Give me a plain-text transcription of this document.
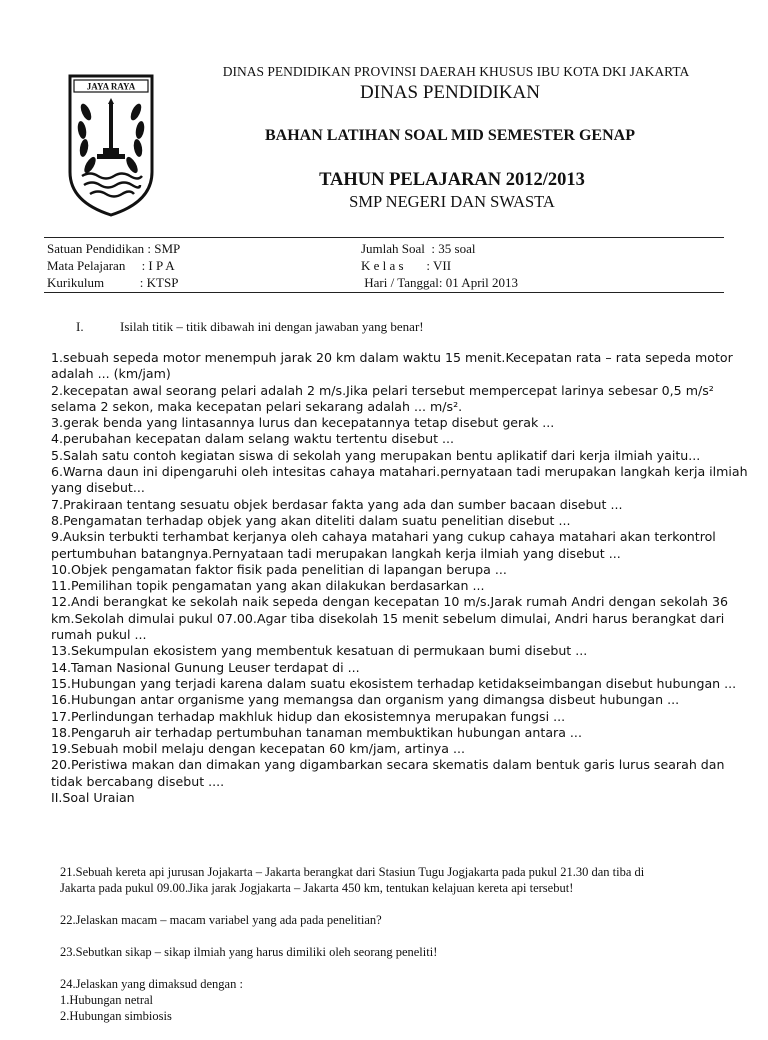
JAYA RAYA
DINAS PENDIDIKAN PROVINSI DAERAH KHUSUS IBU KOTA DKI JAKARTA
DINAS PENDIDIKAN
BAHAN LATIHAN SOAL MID SEMESTER GENAP
TAHUN PELAJARAN 2012/2013
SMP NEGERI DAN SWASTA
Satuan Pendidikan : SMP
Mata Pelajaran     : I P A
Kurikulum           : KTSP
Jumlah Soal  : 35 soal
K e l a s       : VII
Hari / Tanggal: 01 April 2013
I.	Isilah titik – titik dibawah ini dengan jawaban yang benar!
1.sebuah sepeda motor menempuh jarak 20 km dalam waktu 15 menit.Kecepatan rata – rata sepeda motor adalah ... (km/jam)
2.kecepatan awal seorang pelari adalah 2 m/s.Jika pelari tersebut mempercepat larinya sebesar 0,5 m/s² selama 2 sekon, maka kecepatan pelari sekarang adalah ... m/s².
3.gerak benda yang lintasannya lurus dan kecepatannya tetap disebut gerak ...
4.perubahan kecepatan dalam selang waktu tertentu disebut ...
5.Salah satu contoh kegiatan siswa di sekolah yang merupakan bentu aplikatif dari kerja ilmiah yaitu...
6.Warna daun ini dipengaruhi oleh intesitas cahaya matahari.pernyataan tadi merupakan langkah kerja ilmiah yang disebut...
7.Prakiraan tentang sesuatu objek berdasar fakta yang ada dan sumber bacaan disebut ...
8.Pengamatan terhadap objek yang akan diteliti dalam suatu penelitian disebut ...
9.Auksin terbukti terhambat kerjanya oleh cahaya matahari yang cukup cahaya matahari akan terkontrol pertumbuhan batangnya.Pernyataan tadi merupakan langkah kerja ilmiah yang disebut ...
10.Objek pengamatan faktor fisik pada penelitian di lapangan berupa ...
11.Pemilihan topik pengamatan yang akan dilakukan berdasarkan ...
12.Andi berangkat ke sekolah naik sepeda dengan kecepatan 10 m/s.Jarak rumah Andri dengan sekolah 36 km.Sekolah dimulai pukul 07.00.Agar tiba disekolah 15 menit sebelum dimulai, Andri harus berangkat dari rumah pukul ...
13.Sekumpulan ekosistem yang membentuk kesatuan di permukaan bumi disebut ...
14.Taman Nasional Gunung Leuser terdapat di ...
15.Hubungan yang terjadi karena dalam suatu ekosistem terhadap ketidakseimbangan disebut hubungan ...
16.Hubungan antar organisme yang memangsa dan organism yang dimangsa disbeut hubungan ...
17.Perlindungan terhadap makhluk hidup dan ekosistemnya merupakan fungsi ...
18.Pengaruh air terhadap pertumbuhan tanaman membuktikan hubungan antara ...
19.Sebuah mobil melaju dengan kecepatan 60 km/jam, artinya ...
20.Peristiwa makan dan dimakan yang digambarkan secara skematis dalam bentuk garis lurus searah dan tidak bercabang disebut ....
II.Soal Uraian

21.Sebuah kereta api jurusan Jojakarta – Jakarta berangkat dari Stasiun Tugu Jogjakarta pada pukul 21.30 dan tiba di

Jakarta pada pukul 09.00.Jika jarak Jogjakarta – Jakarta 450 km, tentukan kelajuan kereta api tersebut!

22.Jelaskan macam – macam variabel yang ada pada penelitian?

23.Sebutkan sikap – sikap ilmiah yang harus dimiliki oleh seorang peneliti!

24.Jelaskan yang dimaksud dengan :

1.Hubungan netral

2.Hubungan simbiosis
